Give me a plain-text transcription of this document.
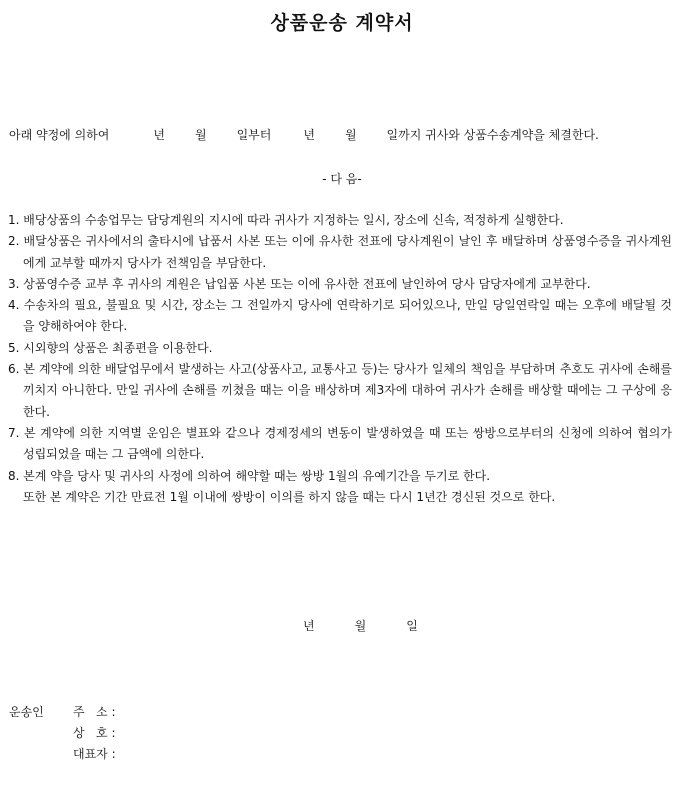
상품운송 계약서
아래 약정에 의하여	년	월	일부터	년	월	일까지 귀사와 상품수송계약을 체결한다.
- 다 음-

1. 배당상품의 수송업무는 담당계원의 지시에 따라 귀사가 지정하는 일시, 장소에 신속, 적정하게 실행한다.

2. 배달상품은 귀사에서의 출타시에 납품서 사본 또는 이에 유사한 전표에 당사계원이 날인 후 배달하며 상품영수증을 귀사계원에게 교부할 때까지 당사가 전책임을 부담한다.

3. 상품영수증 교부 후 귀사의 계원은 납입품 사본 또는 이에 유사한 전표에 날인하여 당사 담당자에게 교부한다.

4. 수송차의 필요, 불필요 및 시간, 장소는 그 전일까지 당사에 연락하기로 되어있으나, 만일 당일연락일 때는 오후에 배달될 것을 양해하여야 한다.

5. 시외향의 상품은 최종편을 이용한다.

6. 본 계약에 의한 배달업무에서 발생하는 사고(상품사고, 교통사고 등)는 당사가 일체의 책임을 부담하며 추호도 귀사에 손해를 끼치지 아니한다. 만일 귀사에 손해를 끼쳤을 때는 이을 배상하며 제3자에 대하여 귀사가 손해를 배상할 때에는 그 구상에 응한다.

7. 본 계약에 의한 지역별 운임은 별표와 같으나 경제정세의 변동이 발생하였을 때 또는 쌍방으로부터의 신청에 의하여 협의가 성립되었을 때는 그 금액에 의한다.

8. 본계 약을 당사 및 귀사의 사정에 의하여 해약할 때는 쌍방 1월의 유예기간을 두기로 한다.

또한 본 계약은 기간 만료전 1월 이내에 쌍방이 이의를 하지 않을 때는 다시 1년간 경신된 것으로 한다.

년	월	일
운송인 주   소 :
상   호 :
대표자 :
